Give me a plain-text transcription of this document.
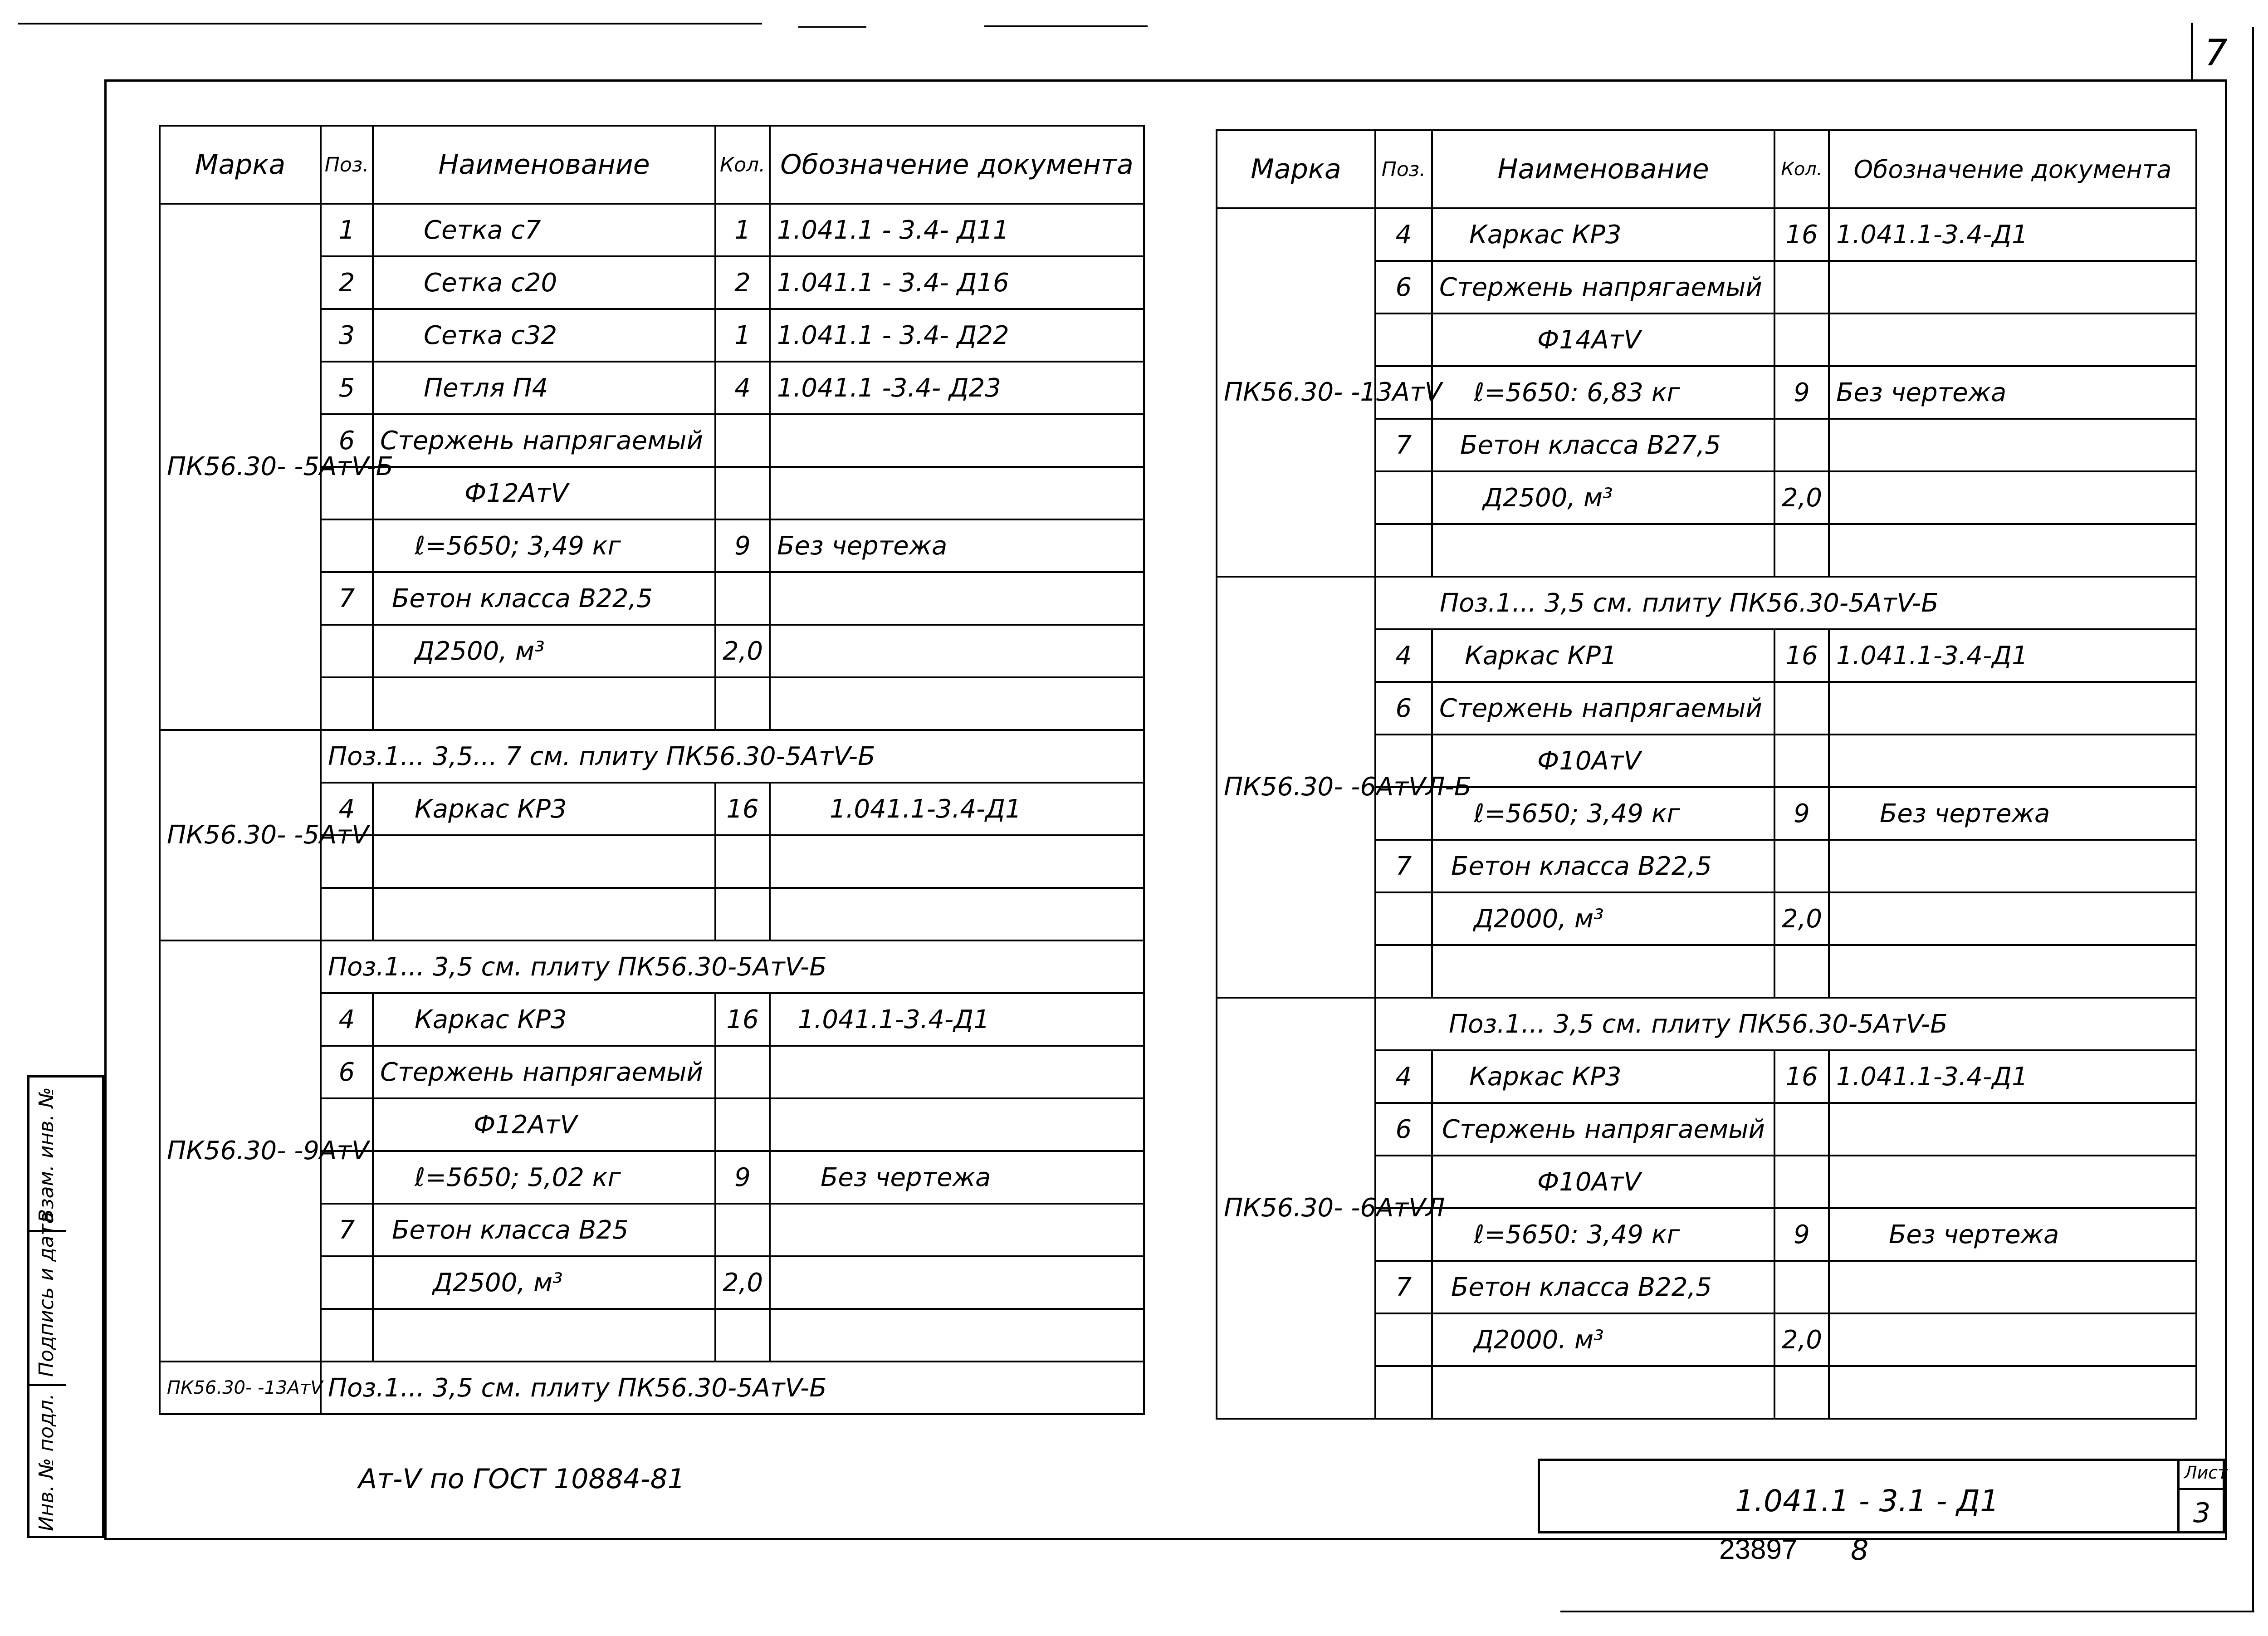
7
Взам. инв. №
Подпись и дата
Инв. № подл.
Марка	Поз.	Наименование	Кол.	Обозначение документа
ПК56.30- -5АтV-Б	1	Сетка с7	1	1.041.1 - 3.4- Д11
	2	Сетка с20	2	1.041.1 - 3.4- Д16
	3	Сетка с32	1	1.041.1 - 3.4- Д22
	5	Петля П4	4	1.041.1 -3.4- Д23
	6	Стержень напрягаемый		
		Ф12АтV		
		ℓ=5650; 3,49 кг	9	Без чертежа
	7	Бетон класса В22,5		
		Д2500, м³	2,0	

ПК56.30- -5АтV	Поз.1... 3,5... 7 см. плиту ПК56.30-5АтV-Б			
	4	Каркас КР3	16	1.041.1-3.4-Д1

ПК56.30- -9АтV	Поз.1... 3,5 см. плиту ПК56.30-5АтV-Б			
	4	Каркас КР3	16	1.041.1-3.4-Д1
	6	Стержень напрягаемый		
		Ф12АтV		
		ℓ=5650; 5,02 кг	9	Без чертежа
	7	Бетон класса В25		
		Д2500, м³	2,0	

ПК56.30- -13АтV	Поз.1... 3,5 см. плиту ПК56.30-5АтV-Б			
Марка	Поз.	Наименование	Кол.	Обозначение документа
ПК56.30- -13АтV	4	Каркас КР3	16	1.041.1-3.4-Д1
	6	Стержень напрягаемый		
		Ф14АтV		
		ℓ=5650: 6,83 кг	9	Без чертежа
	7	Бетон класса В27,5		
		Д2500, м³	2,0	

ПК56.30- -6АтVЛ-Б	Поз.1... 3,5 см. плиту ПК56.30-5АтV-Б			
	4	Каркас КР1	16	1.041.1-3.4-Д1
	6	Стержень напрягаемый		
		Ф10АтV		
		ℓ=5650; 3,49 кг	9	Без чертежа
	7	Бетон класса В22,5		
		Д2000, м³	2,0	

ПК56.30- -6АтVЛ	Поз.1... 3,5 см. плиту ПК56.30-5АтV-Б			
	4	Каркас КР3	16	1.041.1-3.4-Д1
	6	Стержень напрягаемый		
		Ф10АтV		
		ℓ=5650: 3,49 кг	9	Без чертежа
	7	Бетон класса В22,5		
		Д2000. м³	2,0	

Ат-V по ГОСТ 10884-81
1.041.1 - 3.1 - Д1
Лист
3
23897 8
